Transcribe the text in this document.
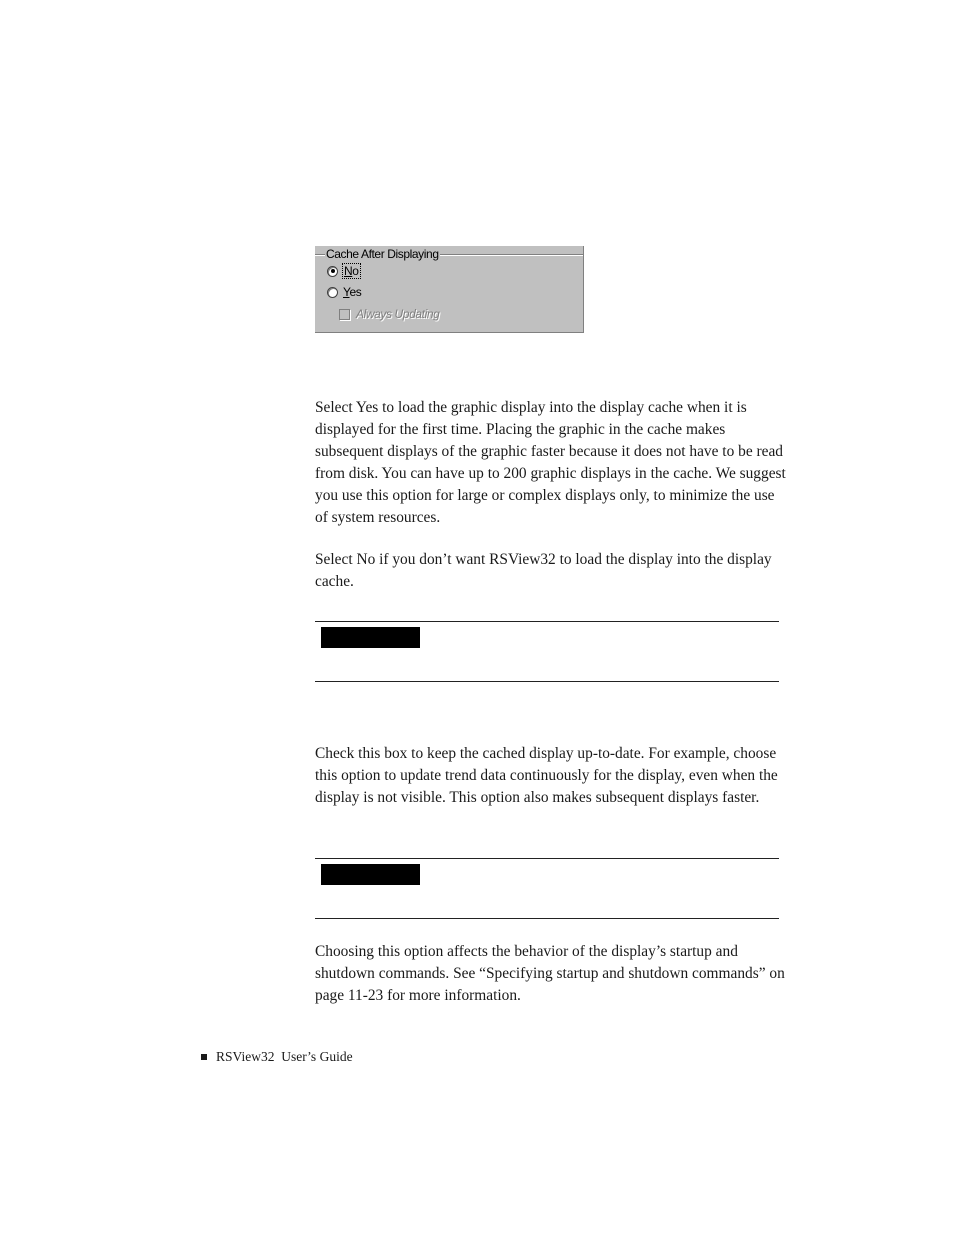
Cache After Displaying
No
Yes
Always Updating

Select Yes to load the graphic display into the display cache when it is displayed for the first time. Placing the graphic in the cache makes subsequent displays of the graphic faster because it does not have to be read from disk. You can have up to 200 graphic displays in the cache. We suggest you use this option for large or complex displays only, to minimize the use of system resources.

Select No if you don’t want RSView32 to load the display into the display cache.

Check this box to keep the cached display up-to-date. For example, choose this option to update trend data continuously for the display, even when the display is not visible. This option also makes subsequent displays faster.

Choosing this option affects the behavior of the display’s startup and shutdown commands. See “Specifying startup and shutdown commands” on page 11-23 for more information.

RSView32  User’s Guide
